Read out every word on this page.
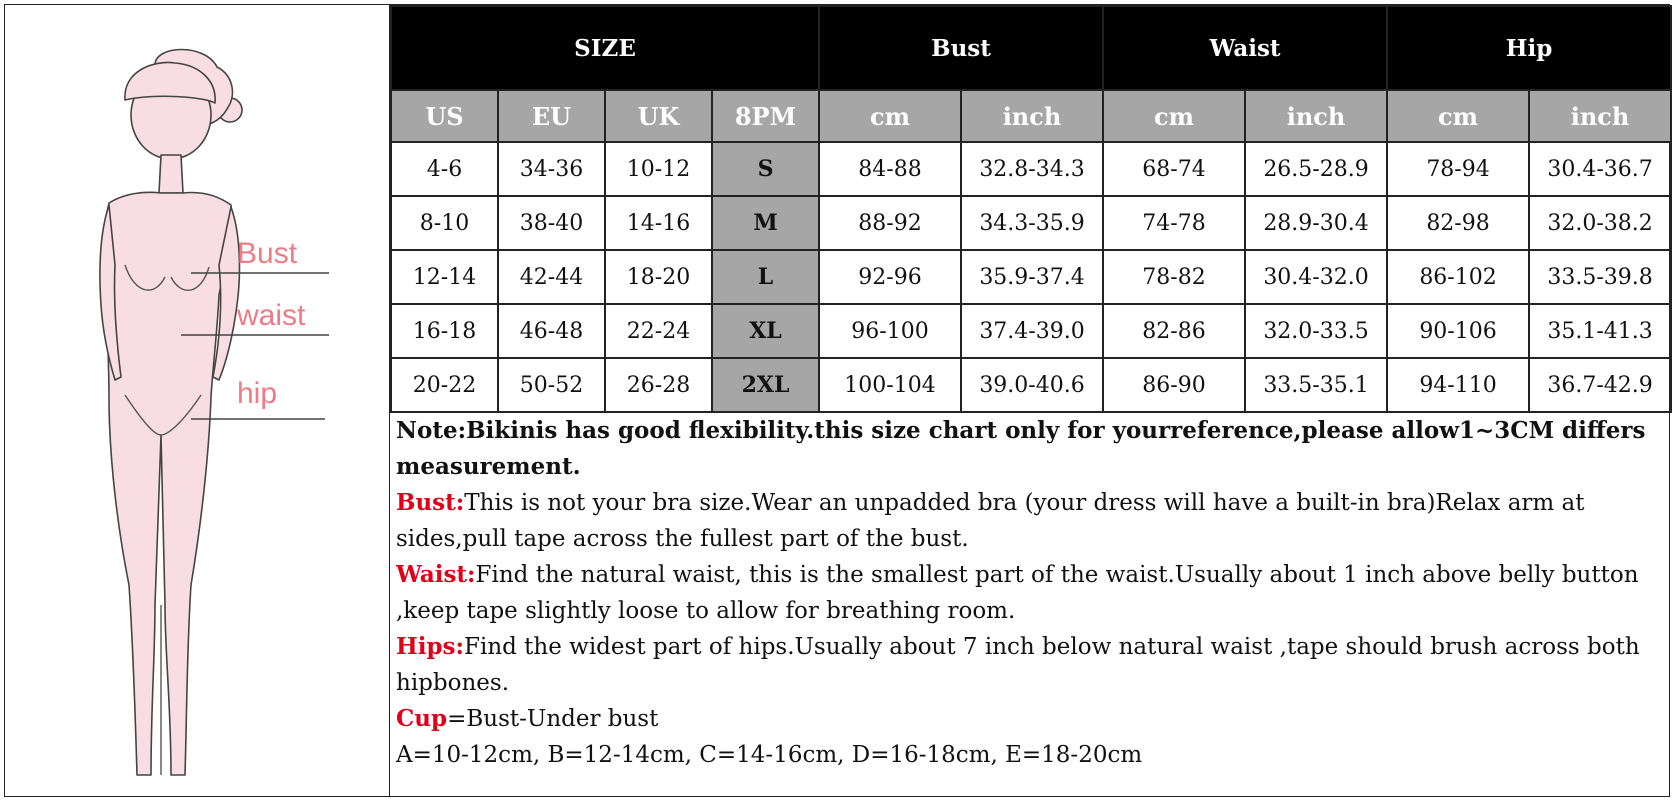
Bust
waist
hip
SIZE				Bust		Waist		Hip	
US	EU	UK	8PM	cm	inch	cm	inch	cm	inch
4-6	34-36	10-12	S	84-88	32.8-34.3	68-74	26.5-28.9	78-94	30.4-36.7
8-10	38-40	14-16	M	88-92	34.3-35.9	74-78	28.9-30.4	82-98	32.0-38.2
12-14	42-44	18-20	L	92-96	35.9-37.4	78-82	30.4-32.0	86-102	33.5-39.8
16-18	46-48	22-24	XL	96-100	37.4-39.0	82-86	32.0-33.5	90-106	35.1-41.3
20-22	50-52	26-28	2XL	100-104	39.0-40.6	86-90	33.5-35.1	94-110	36.7-42.9

Note:Bikinis has good flexibility.this size chart only for yourreference,please allow1~3CM differs measurement.

Bust:This is not your bra size.Wear an unpadded bra (your dress will have a built-in bra)Relax arm at sides,pull tape across the fullest part of the bust.

Waist:Find the natural waist, this is the smallest part of the waist.Usually about 1 inch above belly button ,keep tape slightly loose to allow for breathing room.

Hips:Find the widest part of hips.Usually about 7 inch below natural waist ,tape should brush across both hipbones.

Cup=Bust-Under bust

A=10-12cm, B=12-14cm, C=14-16cm, D=16-18cm, E=18-20cm
